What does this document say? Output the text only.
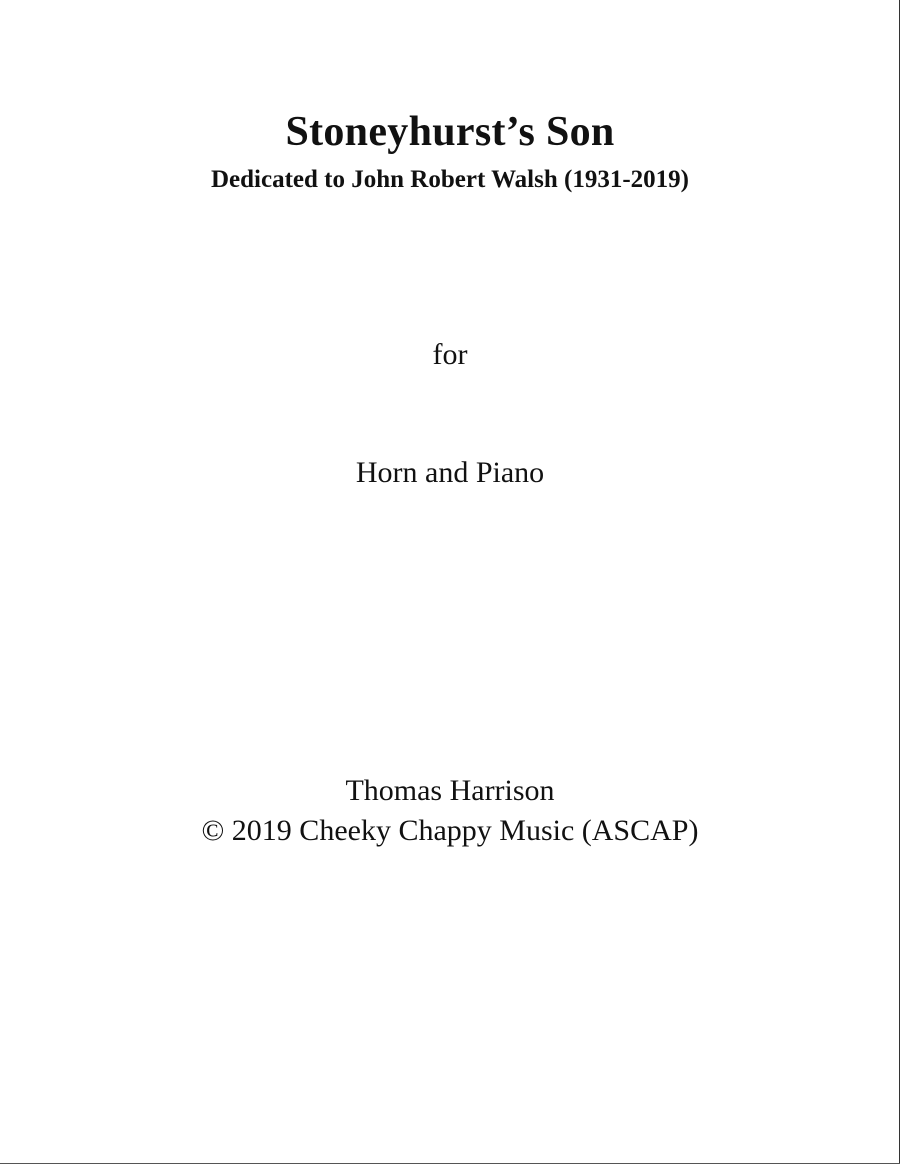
Stoneyhurst’s Son
Dedicated to John Robert Walsh (1931-2019)
for
Horn and Piano
Thomas Harrison
© 2019 Cheeky Chappy Music (ASCAP)
